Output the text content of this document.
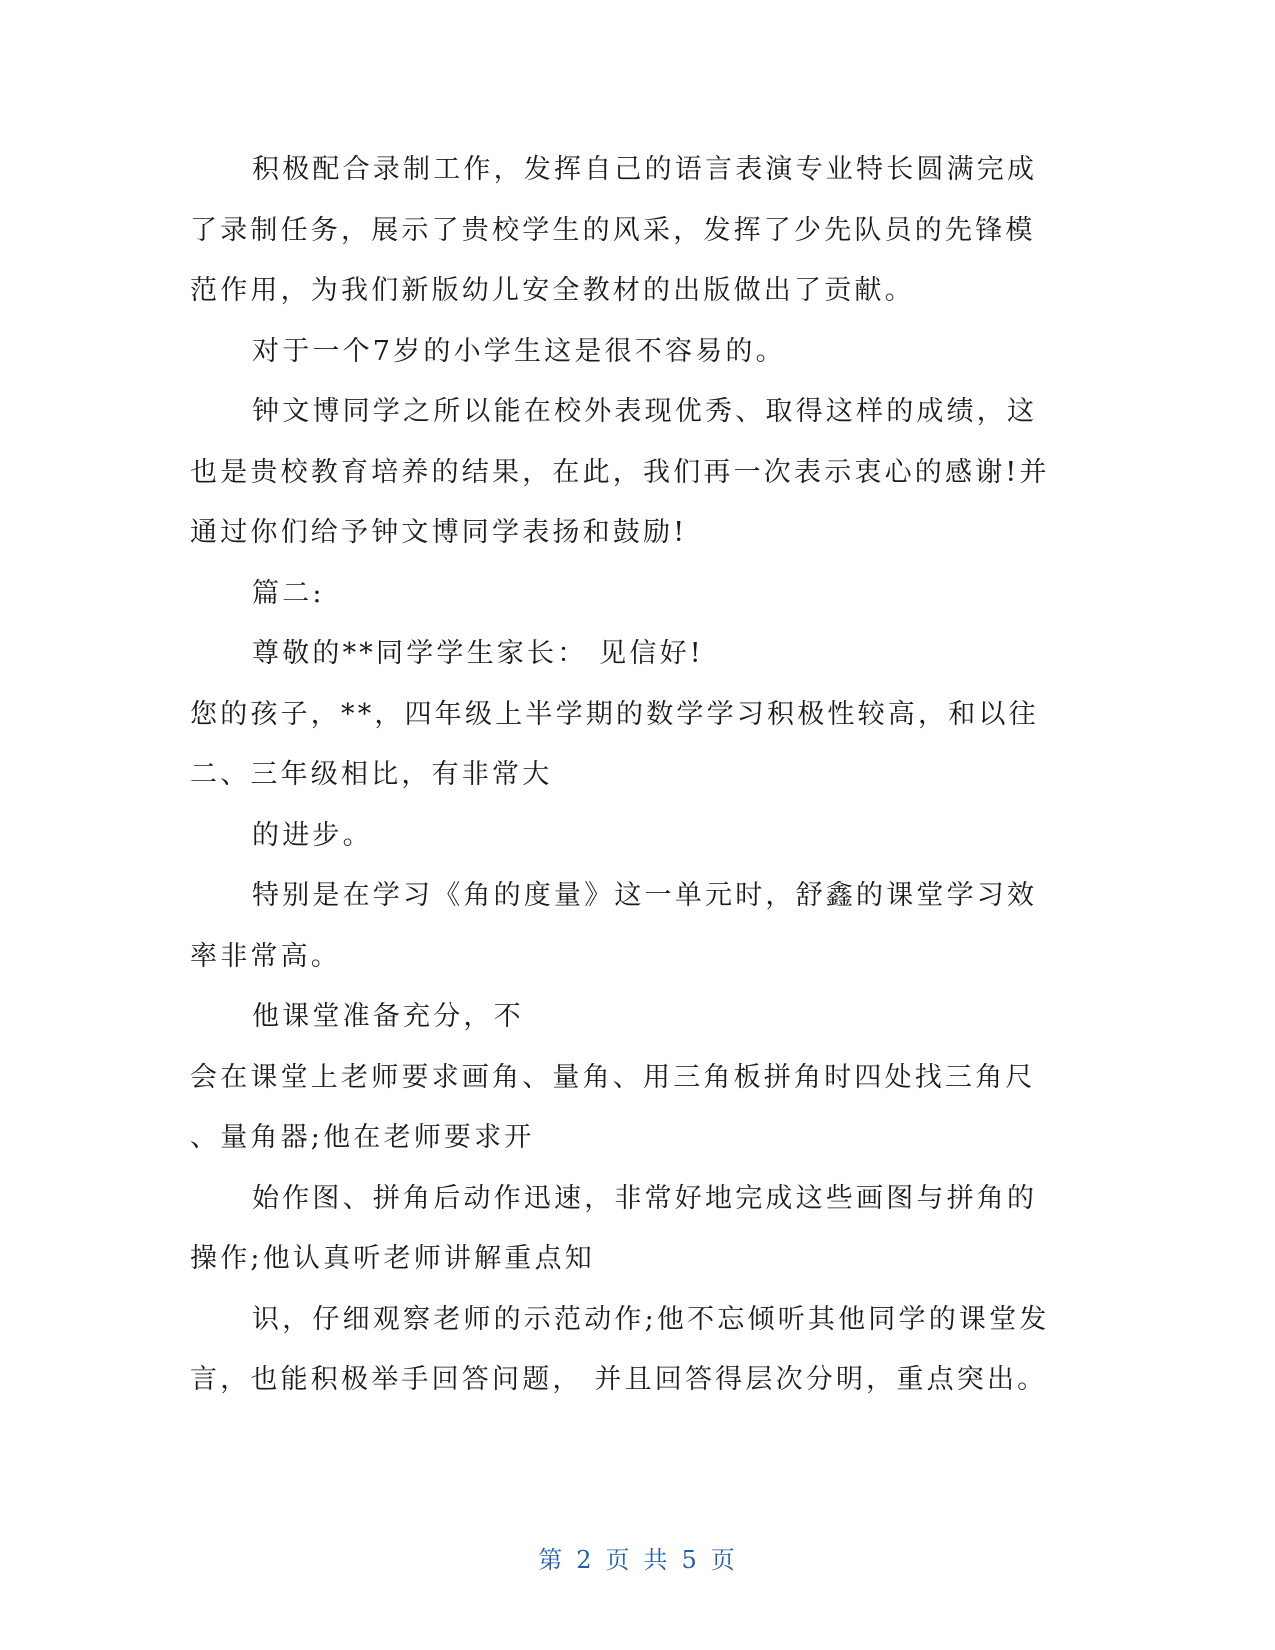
积极配合录制工作，发挥自己的语言表演专业特长圆满完成
了录制任务，展示了贵校学生的风采，发挥了少先队员的先锋模
范作用，为我们新版幼儿安全教材的出版做出了贡献。
对于一个7岁的小学生这是很不容易的。
钟文博同学之所以能在校外表现优秀、取得这样的成绩，这
也是贵校教育培养的结果，在此，我们再一次表示衷心的感谢!并
通过你们给予钟文博同学表扬和鼓励!
篇二:
尊敬的**同学学生家长： 见信好!
您的孩子，**，四年级上半学期的数学学习积极性较高，和以往
二、三年级相比，有非常大
的进步。
特别是在学习《角的度量》这一单元时，舒鑫的课堂学习效
率非常高。
他课堂准备充分，不
会在课堂上老师要求画角、量角、用三角板拼角时四处找三角尺
、量角器;他在老师要求开
始作图、拼角后动作迅速，非常好地完成这些画图与拼角的
操作;他认真听老师讲解重点知
识，仔细观察老师的示范动作;他不忘倾听其他同学的课堂发
言，也能积极举手回答问题， 并且回答得层次分明，重点突出。
第 2 页 共 5 页
